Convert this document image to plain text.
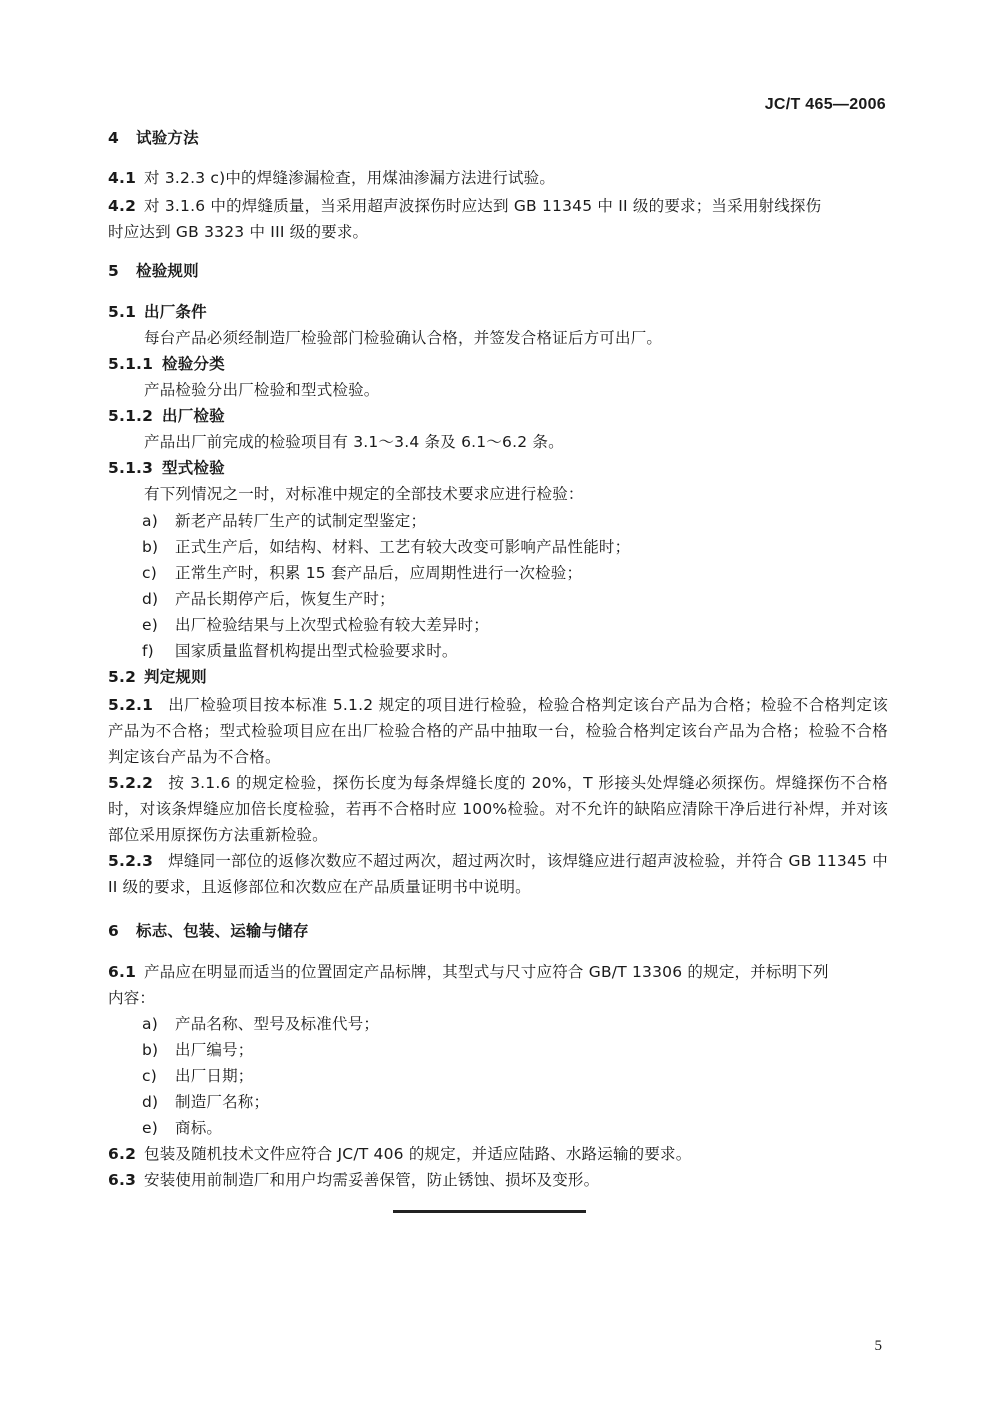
JC/T 465—2006
4 试验方法
4.1 对 3.2.3 c)中的焊缝渗漏检查，用煤油渗漏方法进行试验。
4.2 对 3.1.6 中的焊缝质量，当采用超声波探伤时应达到 GB 11345 中 II 级的要求；当采用射线探伤
时应达到 GB 3323 中 III 级的要求。
5 检验规则
5.1 出厂条件
每台产品必须经制造厂检验部门检验确认合格，并签发合格证后方可出厂。
5.1.1 检验分类
产品检验分出厂检验和型式检验。
5.1.2 出厂检验
产品出厂前完成的检验项目有 3.1～3.4 条及 6.1～6.2 条。
5.1.3 型式检验
有下列情况之一时，对标准中规定的全部技术要求应进行检验：
a) 新老产品转厂生产的试制定型鉴定；
b) 正式生产后，如结构、材料、工艺有较大改变可影响产品性能时；
c) 正常生产时，积累 15 套产品后，应周期性进行一次检验；
d) 产品长期停产后，恢复生产时；
e) 出厂检验结果与上次型式检验有较大差异时；
f) 国家质量监督机构提出型式检验要求时。
5.2 判定规则
5.2.1 出厂检验项目按本标准 5.1.2 规定的项目进行检验，检验合格判定该台产品为合格；检验不合格判定该产品为不合格；型式检验项目应在出厂检验合格的产品中抽取一台，检验合格判定该台产品为合格；检验不合格判定该台产品为不合格。
5.2.2 按 3.1.6 的规定检验，探伤长度为每条焊缝长度的 20%，T 形接头处焊缝必须探伤。焊缝探伤不合格时，对该条焊缝应加倍长度检验，若再不合格时应 100%检验。对不允许的缺陷应清除干净后进行补焊，并对该部位采用原探伤方法重新检验。
5.2.3 焊缝同一部位的返修次数应不超过两次，超过两次时，该焊缝应进行超声波检验，并符合 GB 11345 中 II 级的要求，且返修部位和次数应在产品质量证明书中说明。
6 标志、包装、运输与储存
6.1 产品应在明显而适当的位置固定产品标牌，其型式与尺寸应符合 GB/T 13306 的规定，并标明下列
内容：
a) 产品名称、型号及标准代号；
b) 出厂编号；
c) 出厂日期；
d) 制造厂名称；
e) 商标。
6.2 包装及随机技术文件应符合 JC/T 406 的规定，并适应陆路、水路运输的要求。
6.3 安装使用前制造厂和用户均需妥善保管，防止锈蚀、损坏及变形。
5
